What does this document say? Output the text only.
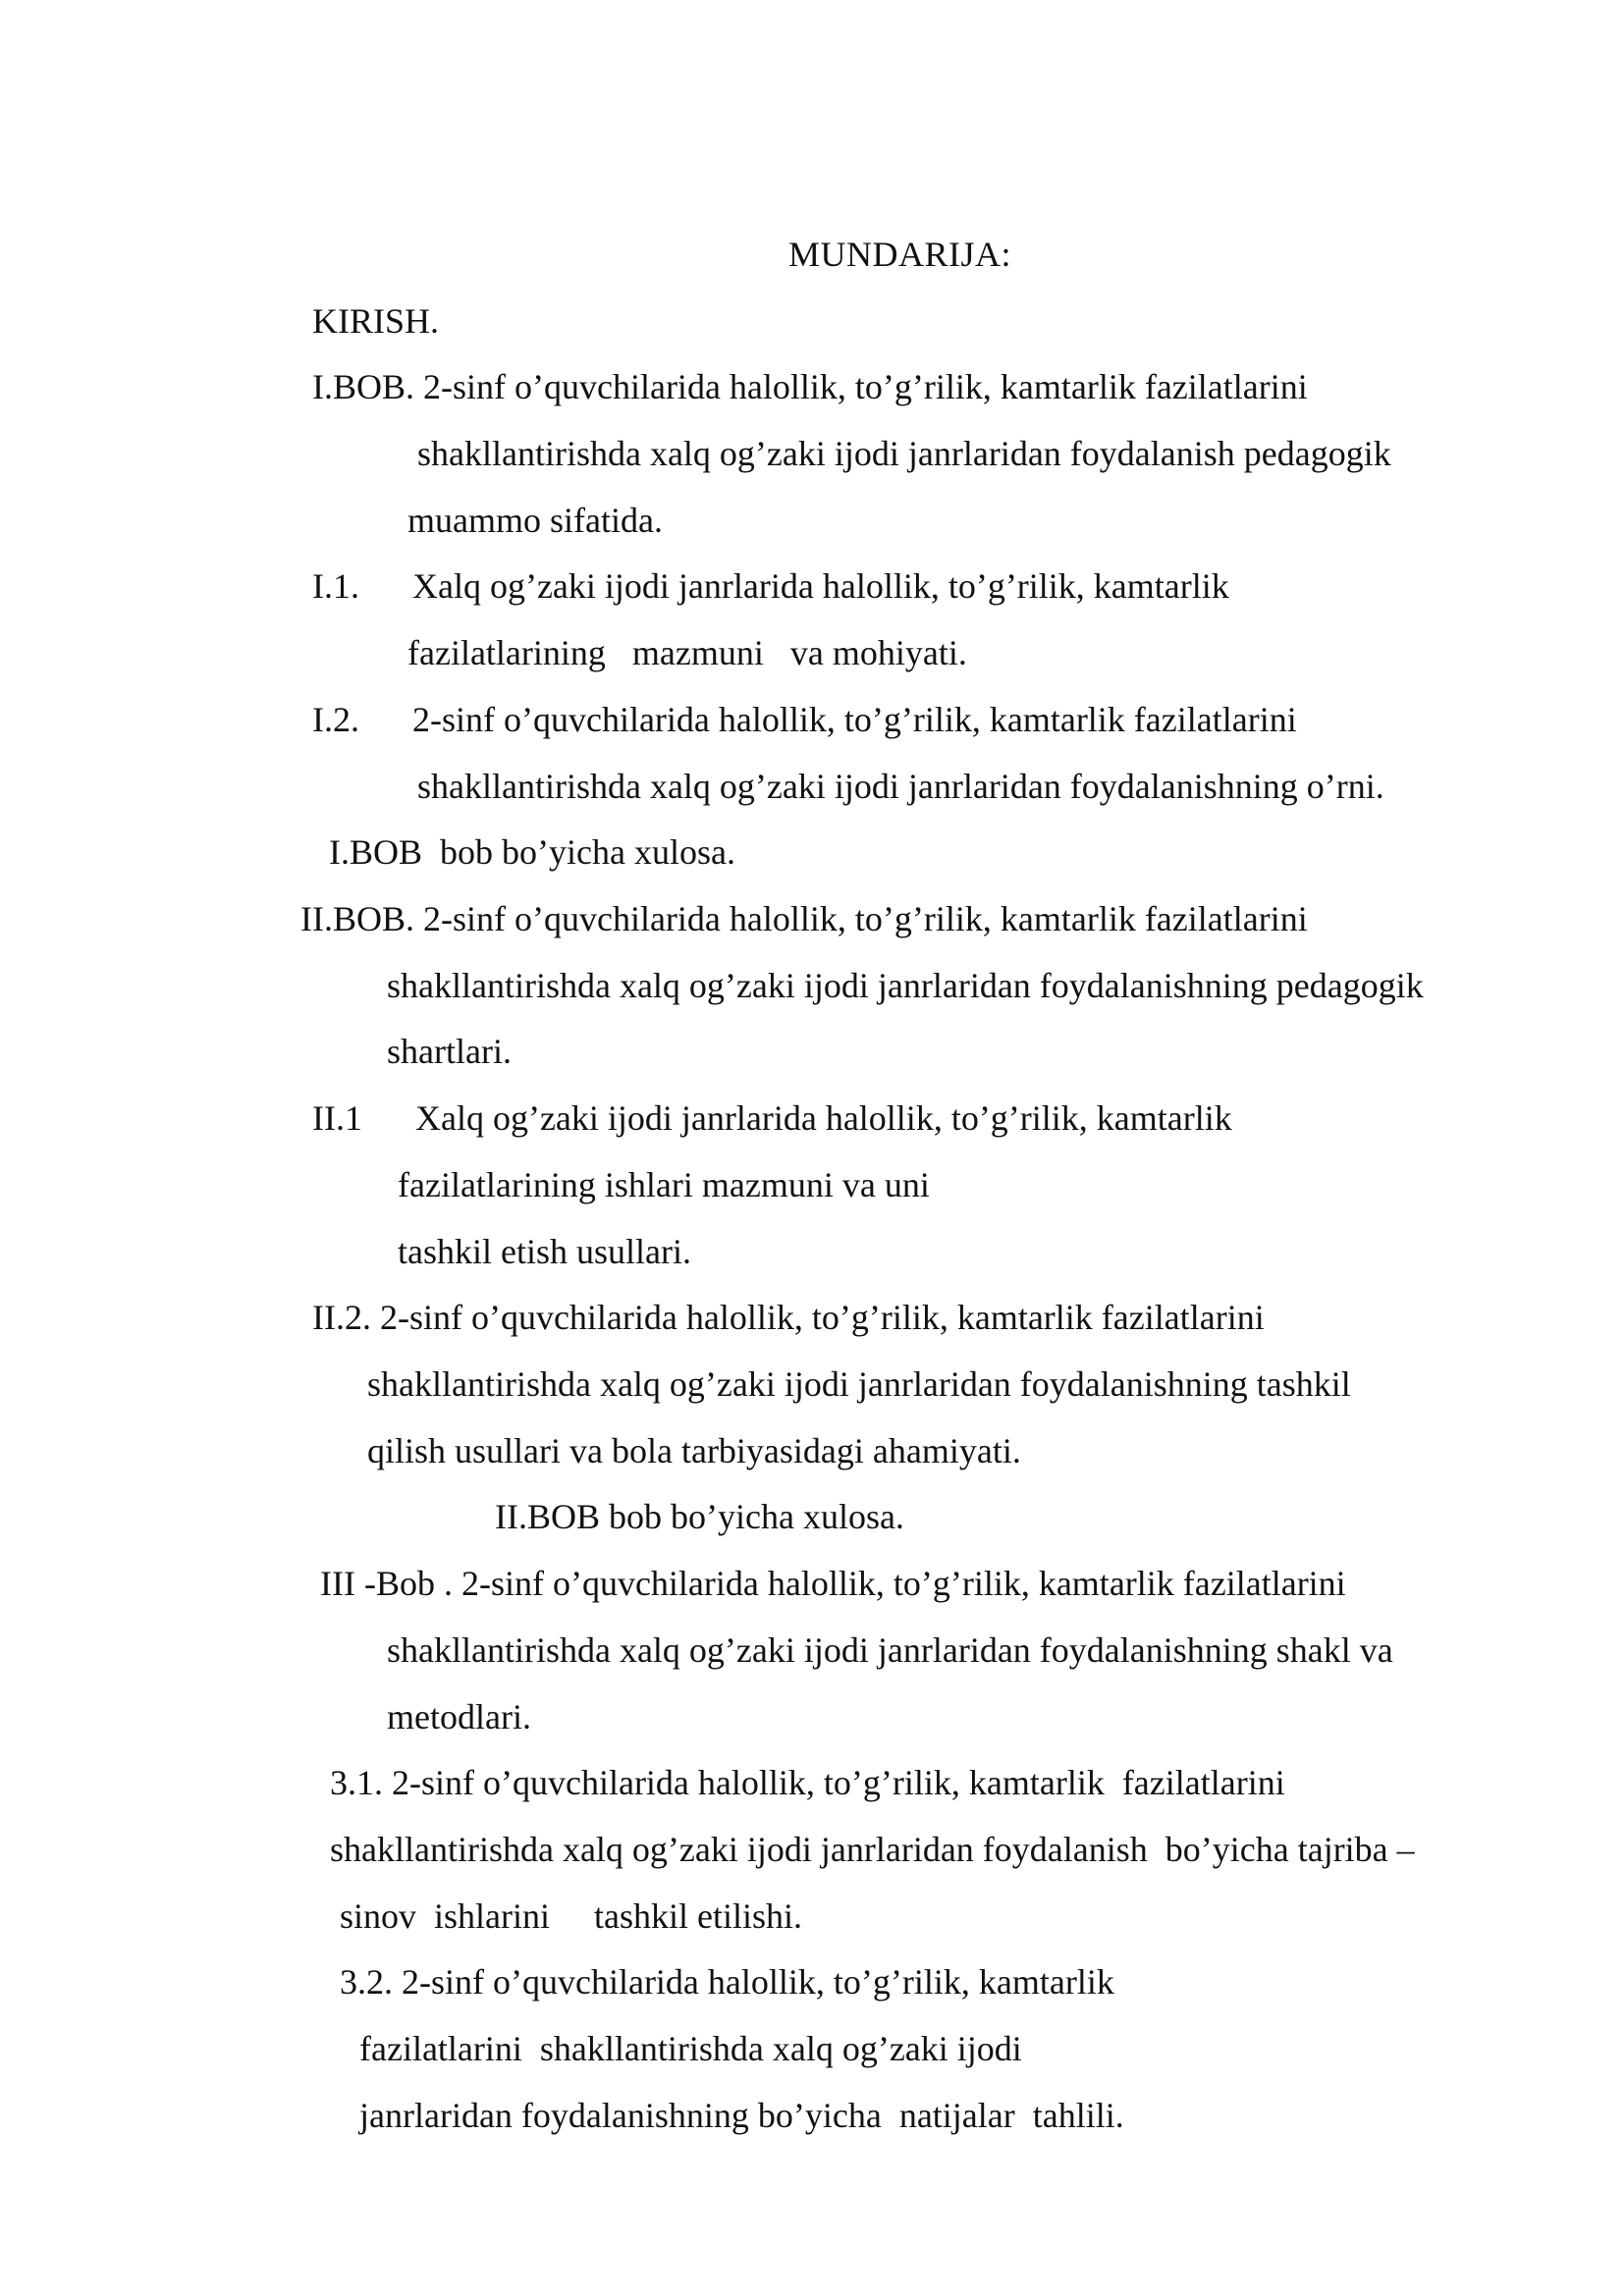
MUNDARIJA:

KIRISH.

I.BOB. 2-sinf o’quvchilarida halollik, to’g’rilik, kamtarlik fazilatlarini

shakllantirishda xalq og’zaki ijodi janrlaridan foydalanish pedagogik

muammo sifatida.

I.1.      Xalq og’zaki ijodi janrlarida halollik, to’g’rilik, kamtarlik

fazilatlarining   mazmuni   va mohiyati.

I.2.      2-sinf o’quvchilarida halollik, to’g’rilik, kamtarlik fazilatlarini

shakllantirishda xalq og’zaki ijodi janrlaridan foydalanishning o’rni.

I.BOB  bob bo’yicha xulosa.

II.BOB. 2-sinf o’quvchilarida halollik, to’g’rilik, kamtarlik fazilatlarini

shakllantirishda xalq og’zaki ijodi janrlaridan foydalanishning pedagogik

shartlari.

II.1      Xalq og’zaki ijodi janrlarida halollik, to’g’rilik, kamtarlik

fazilatlarining ishlari mazmuni va uni

tashkil etish usullari.

II.2. 2-sinf o’quvchilarida halollik, to’g’rilik, kamtarlik fazilatlarini

shakllantirishda xalq og’zaki ijodi janrlaridan foydalanishning tashkil

qilish usullari va bola tarbiyasidagi ahamiyati.

II.BOB bob bo’yicha xulosa.

III -Bob . 2-sinf o’quvchilarida halollik, to’g’rilik, kamtarlik fazilatlarini

shakllantirishda xalq og’zaki ijodi janrlaridan foydalanishning shakl va

metodlari.

3.1. 2-sinf o’quvchilarida halollik, to’g’rilik, kamtarlik  fazilatlarini

shakllantirishda xalq og’zaki ijodi janrlaridan foydalanish  bo’yicha tajriba –

sinov  ishlarini     tashkil etilishi.

3.2. 2-sinf o’quvchilarida halollik, to’g’rilik, kamtarlik

fazilatlarini  shakllantirishda xalq og’zaki ijodi

janrlaridan foydalanishning bo’yicha  natijalar  tahlili.
